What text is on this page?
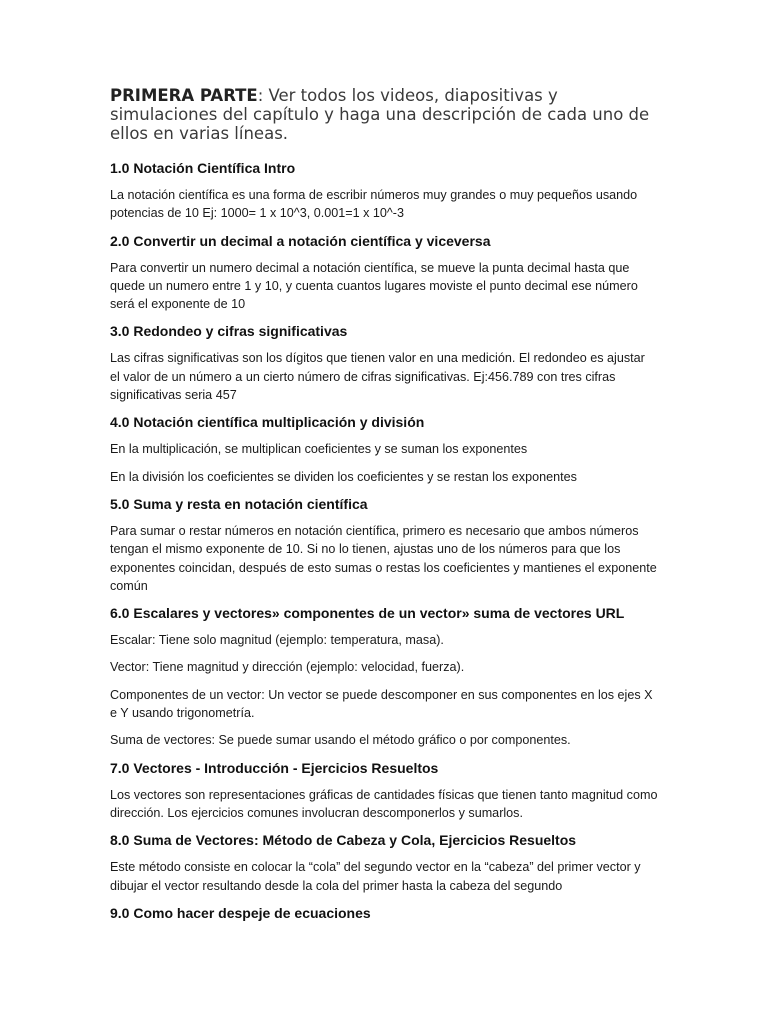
PRIMERA PARTE: Ver todos los videos, diapositivas y simulaciones del capítulo y haga una descripción de cada uno de ellos en varias líneas.

1.0 Notación Científica Intro

La notación científica es una forma de escribir números muy grandes o muy pequeños usando potencias de 10 Ej: 1000= 1 x 10^3, 0.001=1 x 10^-3

2.0 Convertir un decimal a notación científica y viceversa

Para convertir un numero decimal a notación científica, se mueve la punta decimal hasta que quede un numero entre 1 y 10, y cuenta cuantos lugares moviste el punto decimal ese número será el exponente de 10

3.0 Redondeo y cifras significativas

Las cifras significativas son los dígitos que tienen valor en una medición. El redondeo es ajustar el valor de un número a un cierto número de cifras significativas. Ej:456.789 con tres cifras significativas seria 457

4.0 Notación científica multiplicación y división

En la multiplicación, se multiplican coeficientes y se suman los exponentes

En la división los coeficientes se dividen los coeficientes y se restan los exponentes

5.0 Suma y resta en notación científica

Para sumar o restar números en notación científica, primero es necesario que ambos números tengan el mismo exponente de 10. Si no lo tienen, ajustas uno de los números para que los exponentes coincidan, después de esto sumas o restas los coeficientes y mantienes el exponente común

6.0 Escalares y vectores» componentes de un vector» suma de vectores URL

Escalar: Tiene solo magnitud (ejemplo: temperatura, masa).

Vector: Tiene magnitud y dirección (ejemplo: velocidad, fuerza).

Componentes de un vector: Un vector se puede descomponer en sus componentes en los ejes X e Y usando trigonometría.

Suma de vectores: Se puede sumar usando el método gráfico o por componentes.

7.0 Vectores - Introducción - Ejercicios Resueltos

Los vectores son representaciones gráficas de cantidades físicas que tienen tanto magnitud como dirección. Los ejercicios comunes involucran descomponerlos y sumarlos.

8.0 Suma de Vectores: Método de Cabeza y Cola, Ejercicios Resueltos

Este método consiste en colocar la “cola” del segundo vector en la “cabeza” del primer vector y dibujar el vector resultando desde la cola del primer hasta la cabeza del segundo

9.0 Como hacer despeje de ecuaciones
